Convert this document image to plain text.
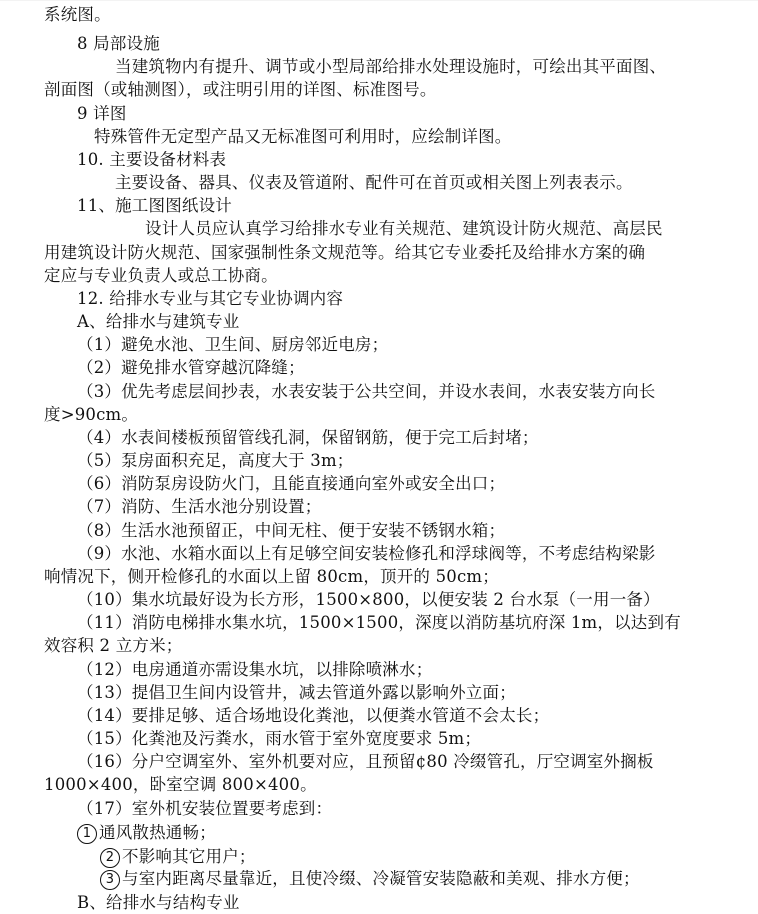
系统图。
8 局部设施
当建筑物内有提升、调节或小型局部给排水处理设施时，可绘出其平面图、
剖面图（或轴测图），或注明引用的详图、标准图号。
9 详图
特殊管件无定型产品又无标准图可利用时，应绘制详图。
10. 主要设备材料表
主要设备、器具、仪表及管道附、配件可在首页或相关图上列表表示。
11、施工图图纸设计
设计人员应认真学习给排水专业有关规范、建筑设计防火规范、高层民
用建筑设计防火规范、国家强制性条文规范等。给其它专业委托及给排水方案的确
定应与专业负责人或总工协商。
12. 给排水专业与其它专业协调内容
A、给排水与建筑专业
（1）避免水池、卫生间、厨房邻近电房；
（2）避免排水管穿越沉降缝；
（3）优先考虑层间抄表，水表安装于公共空间，并设水表间，水表安装方向长
度>90cm。
（4）水表间楼板预留管线孔洞，保留钢筋，便于完工后封堵；
（5）泵房面积充足，高度大于 3m；
（6）消防泵房设防火门，且能直接通向室外或安全出口；
（7）消防、生活水池分别设置；
（8）生活水池预留正，中间无柱、便于安装不锈钢水箱；
（9）水池、水箱水面以上有足够空间安装检修孔和浮球阀等，不考虑结构梁影
响情况下，侧开检修孔的水面以上留 80cm，顶开的 50cm；
（10）集水坑最好设为长方形，1500×800，以便安装 2 台水泵（一用一备）
（11）消防电梯排水集水坑，1500×1500，深度以消防基坑府深 1m，以达到有
效容积 2 立方米；
（12）电房通道亦需设集水坑，以排除喷淋水；
（13）提倡卫生间内设管井，减去管道外露以影响外立面；
（14）要排足够、适合场地设化粪池，以便粪水管道不会太长；
（15）化粪池及污粪水，雨水管于室外宽度要求 5m；
（16）分户空调室外、室外机要对应，且预留¢80 冷缀管孔，厅空调室外搁板
1000×400，卧室空调 800×400。
（17）室外机安装位置要考虑到：
1 通风散热通畅；
2 不影响其它用户；
3 与室内距离尽量靠近，且使冷缀、冷凝管安装隐蔽和美观、排水方便；
B、给排水与结构专业
